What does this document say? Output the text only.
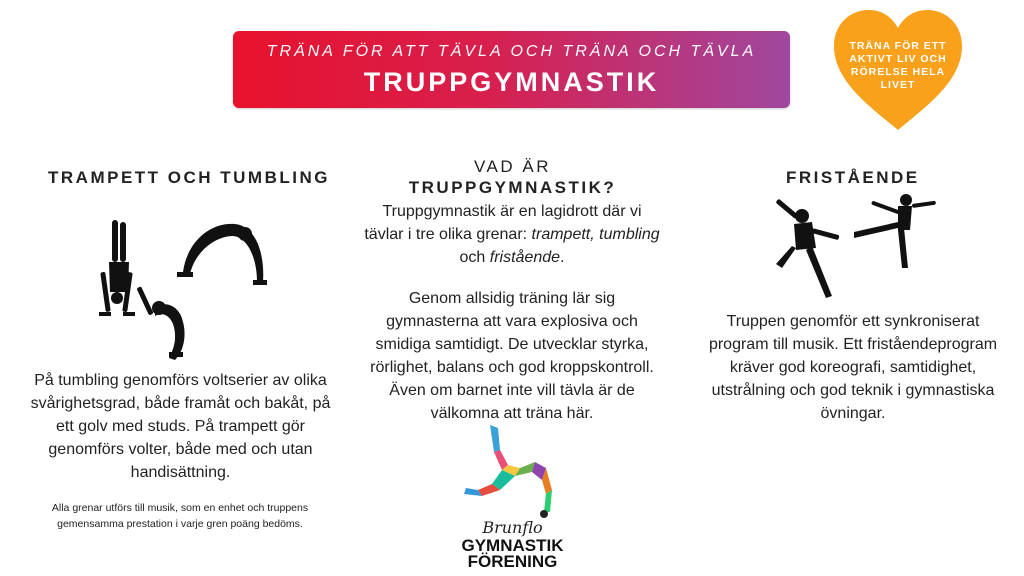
TRÄNA FÖR ATT TÄVLA OCH TRÄNA OCH TÄVLA
TRUPPGYMNASTIK
TRÄNA FÖR ETT
AKTIVT LIV OCH
RÖRELSE HELA
LIVET
TRAMPETT OCH TUMBLING
På tumbling genomförs voltserier av olika svårighetsgrad, både framåt och bakåt, på ett golv med studs. På trampett gör genomförs volter, både med och utan handisättning.
Alla grenar utförs till musik, som en enhet och truppens gemensamma prestation i varje gren poäng bedöms.
VAD ÄR
TRUPPGYMNASTIK?
Truppgymnastik är en lagidrott där vi tävlar i tre olika grenar: trampett, tumbling och fristående.
Genom allsidig träning lär sig gymnasterna att vara explosiva och smidiga samtidigt. De utvecklar styrka, rörlighet, balans och god kroppskontroll. Även om barnet inte vill tävla är de välkomna att träna här.
Brunflo
GYMNASTIK
FÖRENING
FRISTÅENDE
Truppen genomför ett synkroniserat program till musik. Ett friståendeprogram kräver god koreografi, samtidighet, utstrålning och god teknik i gymnastiska övningar.
